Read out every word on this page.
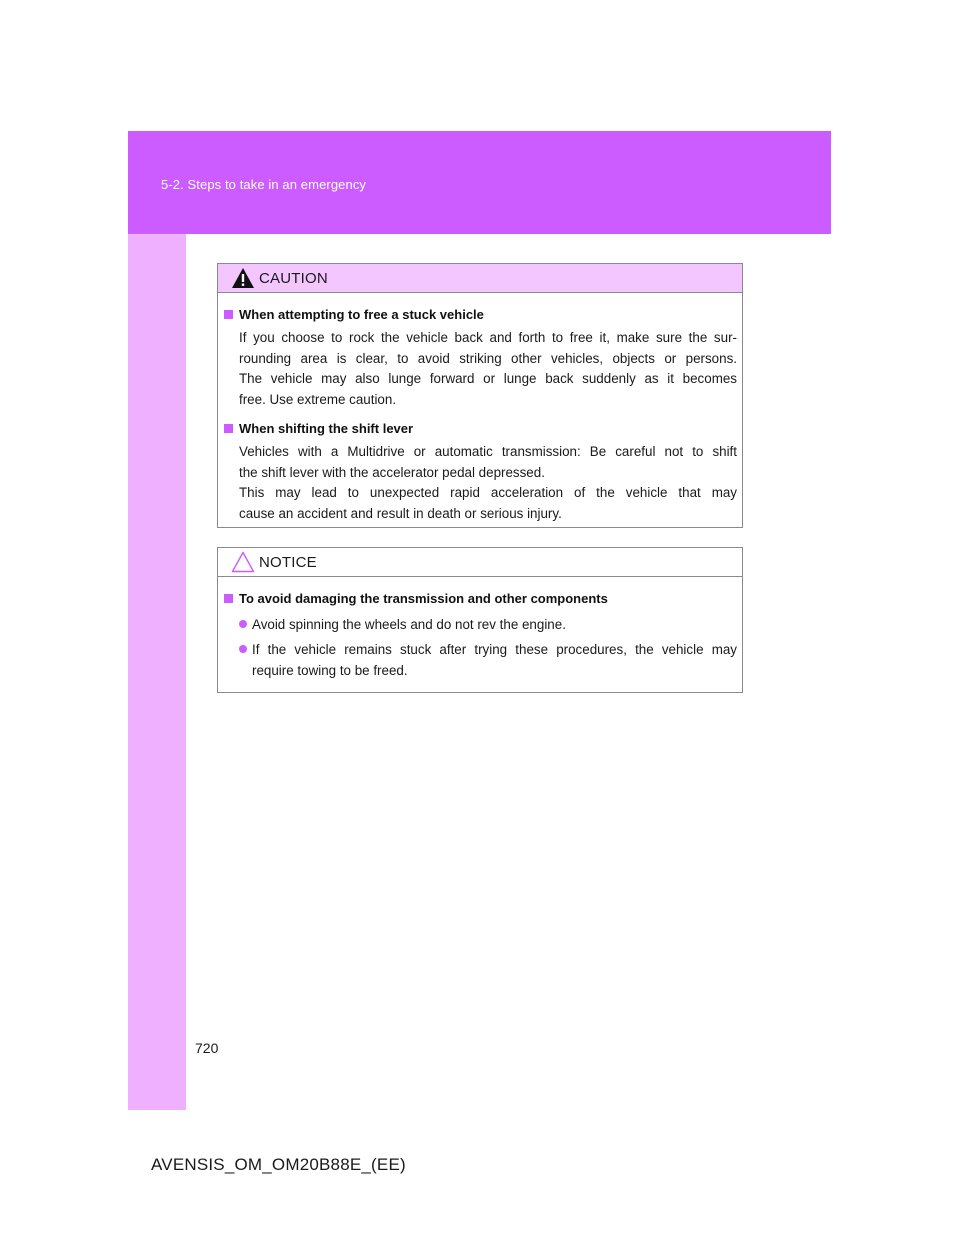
5-2. Steps to take in an emergency
CAUTION
When attempting to free a stuck vehicle
If you choose to rock the vehicle back and forth to free it, make sure the sur-
rounding area is clear, to avoid striking other vehicles, objects or persons.
The vehicle may also lunge forward or lunge back suddenly as it becomes
free. Use extreme caution.
When shifting the shift lever
Vehicles with a Multidrive or automatic transmission: Be careful not to shift
the shift lever with the accelerator pedal depressed.
This may lead to unexpected rapid acceleration of the vehicle that may
cause an accident and result in death or serious injury.
NOTICE
To avoid damaging the transmission and other components
Avoid spinning the wheels and do not rev the engine.
If the vehicle remains stuck after trying these procedures, the vehicle may
require towing to be freed.
720
AVENSIS_OM_OM20B88E_(EE)
